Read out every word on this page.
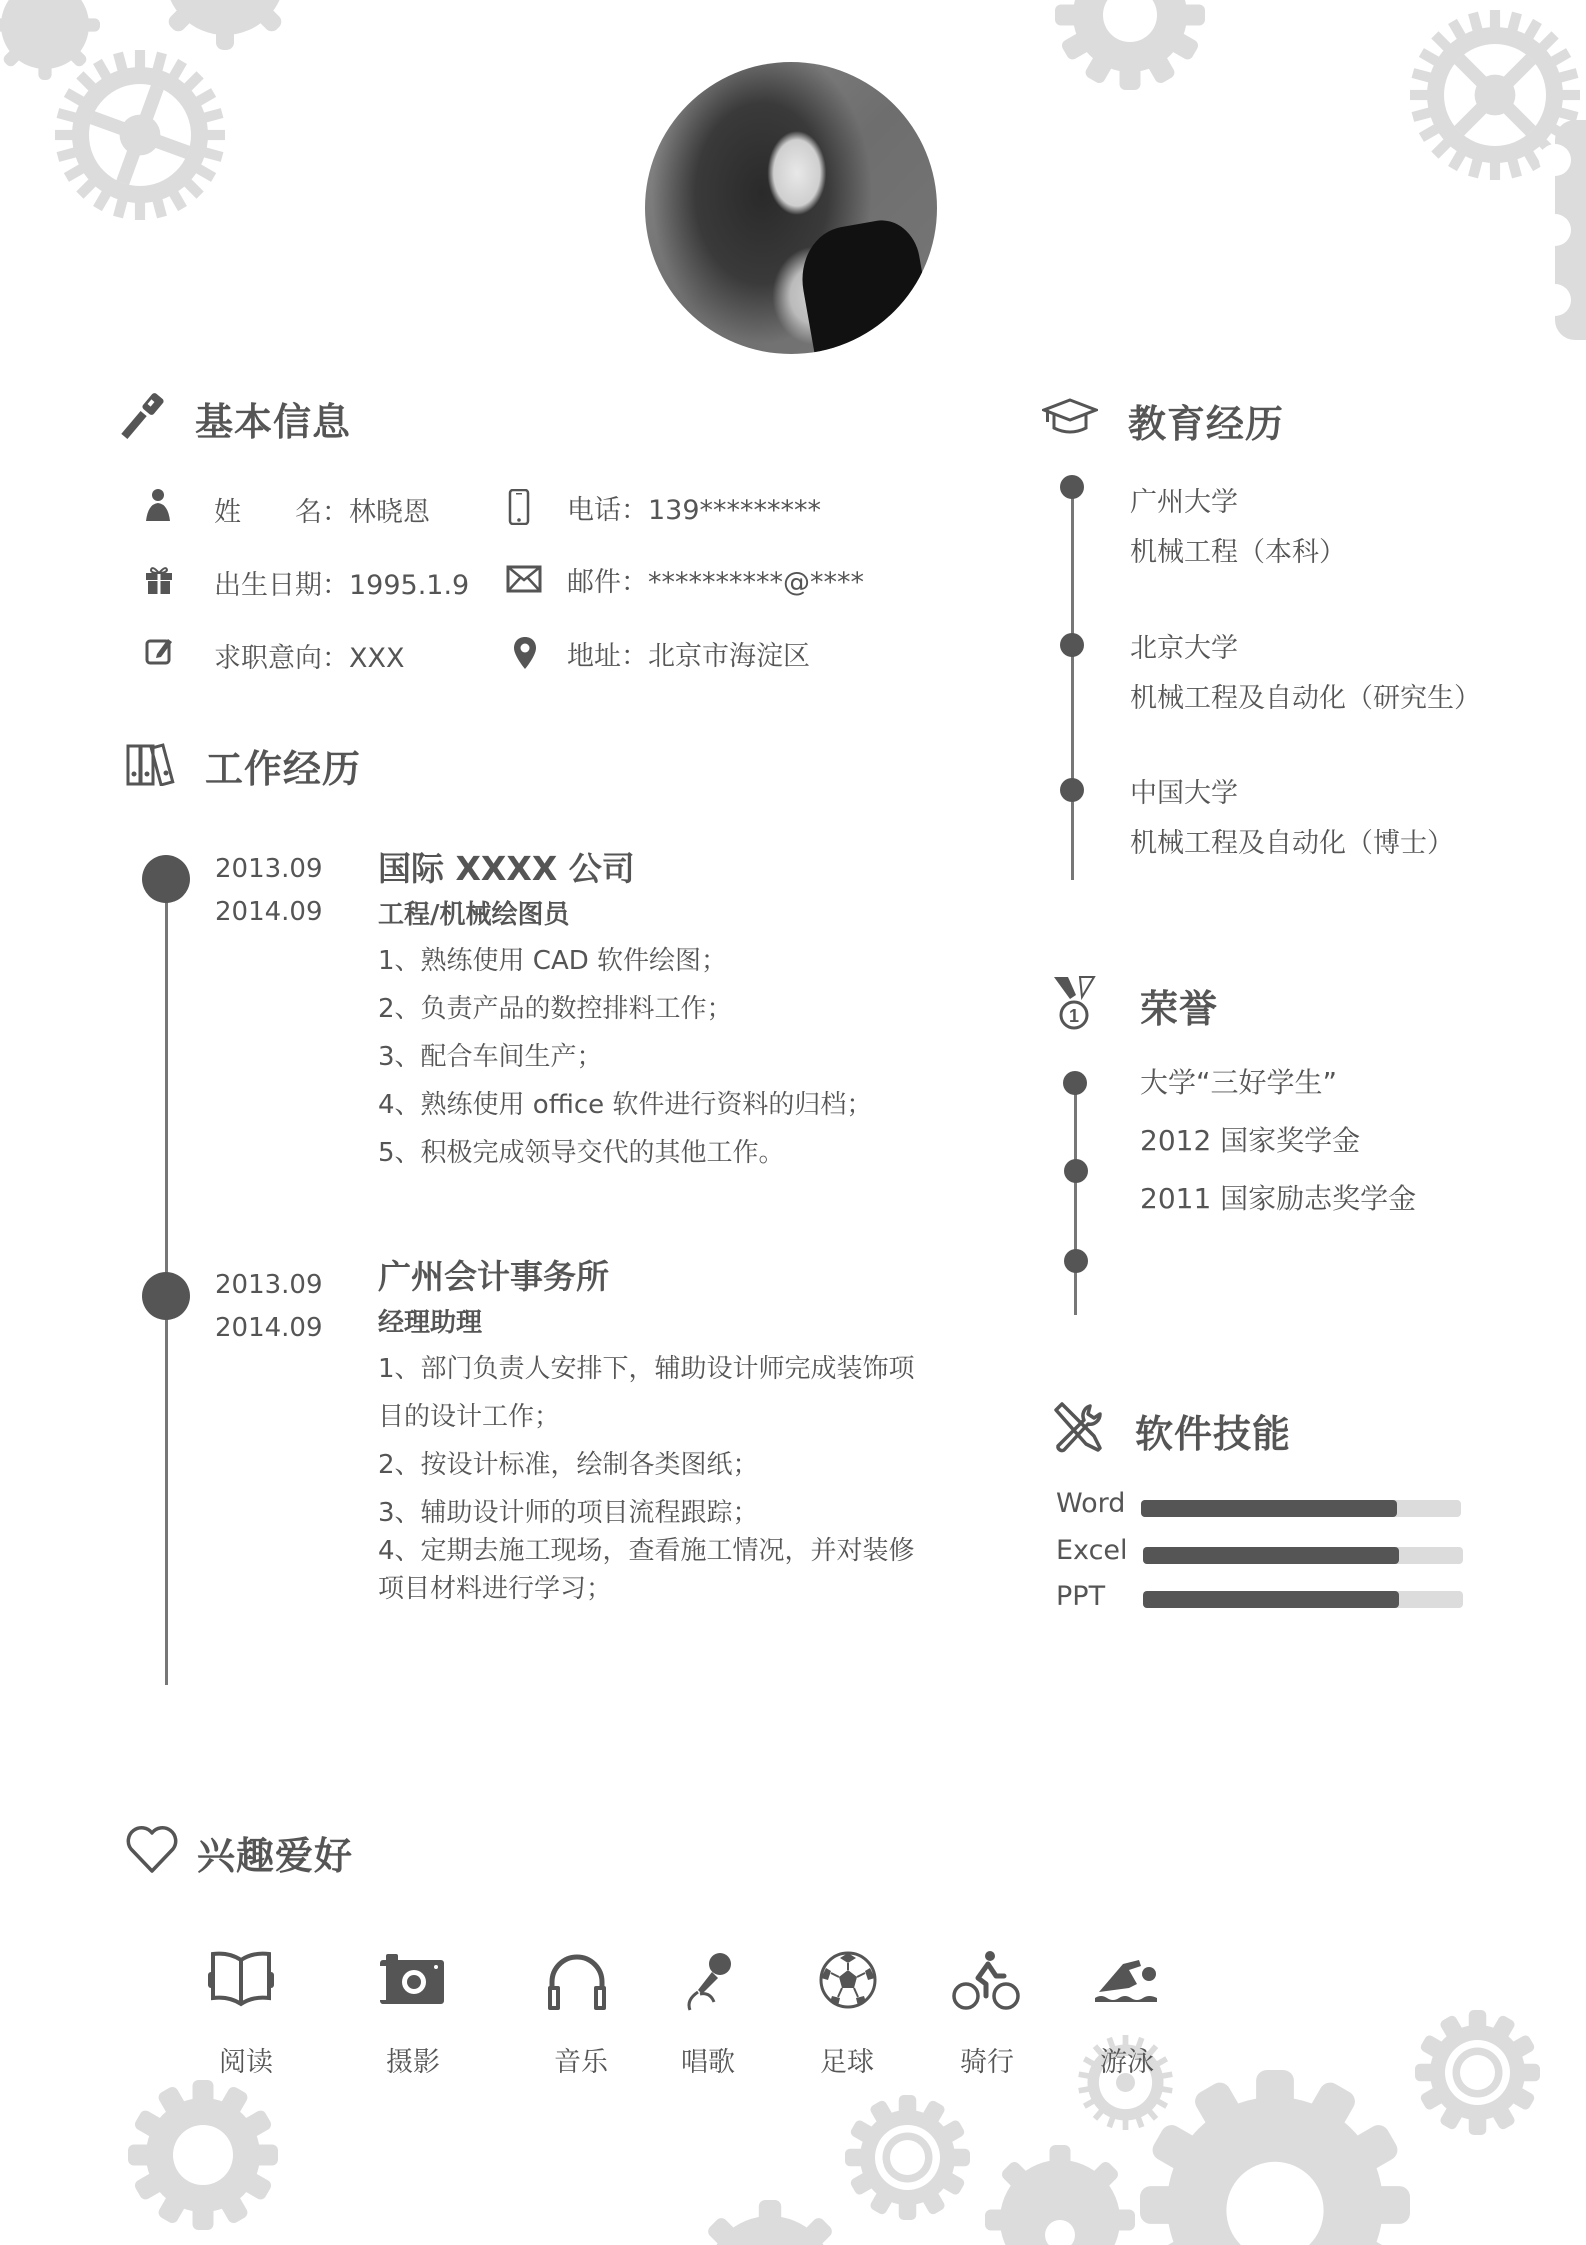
基本信息
姓　　名：林晓恩
出生日期：1995.1.9
求职意向：XXX
电话：139*********
邮件：**********@****
地址：北京市海淀区
工作经历
2013.09
2014.09
国际 XXXX 公司
工程/机械绘图员
1、熟练使用 CAD 软件绘图；
2、负责产品的数控排料工作；
3、配合车间生产；
4、熟练使用 office 软件进行资料的归档；
5、积极完成领导交代的其他工作。
2013.09
2014.09
广州会计事务所
经理助理
1、部门负责人安排下，辅助设计师完成装饰项
目的设计工作；
2、按设计标准，绘制各类图纸；
3、辅助设计师的项目流程跟踪；
4、定期去施工现场，查看施工情况，并对装修
项目材料进行学习；
教育经历
广州大学
机械工程（本科）
北京大学
机械工程及自动化（研究生）
中国大学
机械工程及自动化（博士）
1 荣誉
大学“三好学生”
2012 国家奖学金
2011 国家励志奖学金
软件技能
Word
Excel
PPT
兴趣爱好
阅读	摄影	音乐	唱歌	足球	骑行	游泳
